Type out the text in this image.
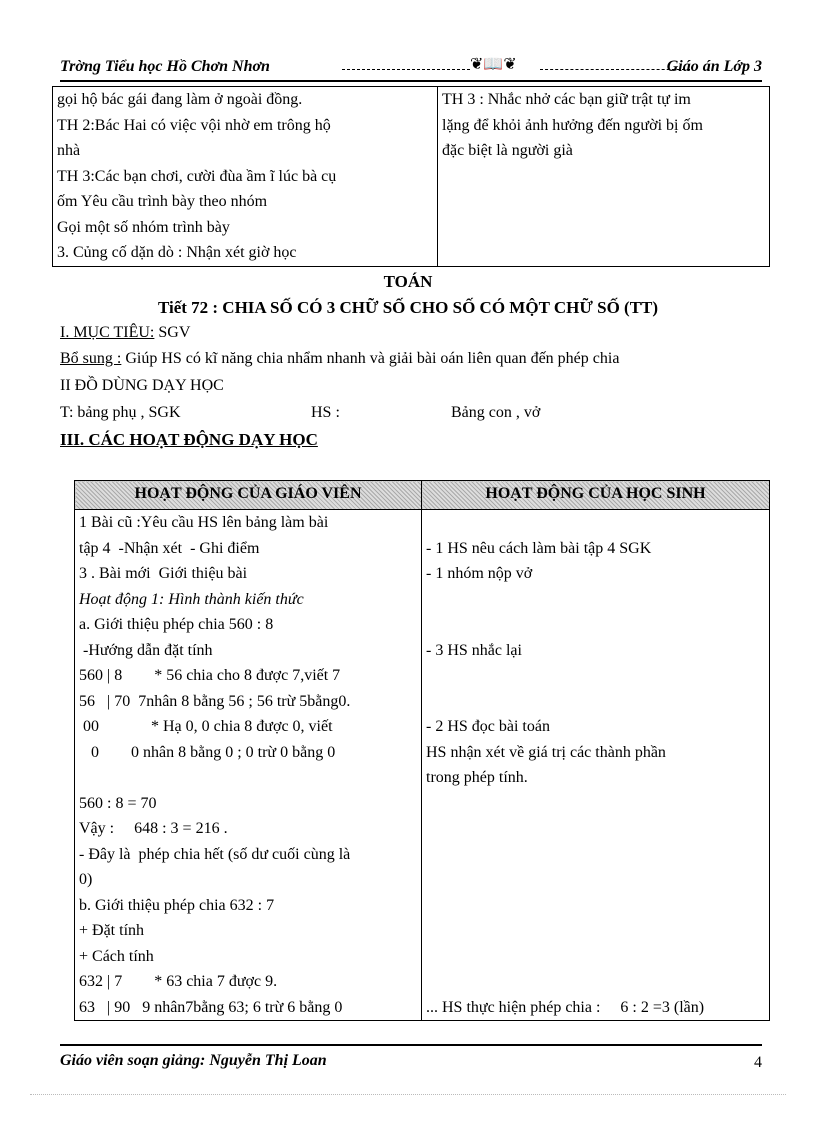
Trờng Tiểu học Hồ Chơn Nhơn	❦📖❦	Giáo án Lớp 3
gọi hộ bác gái đang làm ở ngoài đồng.
TH 2:Bác Hai có việc vội nhờ em trông hộ
nhà
TH 3:Các bạn chơi, cười đùa ầm ĩ lúc bà cụ
ốm Yêu cầu trình bày theo nhóm
Gọi một số nhóm trình bày
3. Củng cố dặn dò : Nhận xét giờ học

TH 3 : Nhắc nhở các bạn giữ trật tự im
lặng để khỏi ảnh hưởng đến người bị ốm
đặc biệt là người già
TOÁN
Tiết 72 : CHIA SỐ CÓ 3 CHỮ SỐ CHO SỐ CÓ MỘT CHỮ SỐ (TT)
I. MỤC TIÊU: SGV
Bổ sung : Giúp HS có kĩ năng chia nhẩm nhanh và giải bài oán liên quan đến phép chia
II ĐỒ DÙNG DẠY HỌC
T: bảng phụ , SGK	HS :	Bảng con , vở
III. CÁC HOẠT ĐỘNG DẠY HỌC
HOẠT ĐỘNG CỦA GIÁO VIÊN	HOẠT ĐỘNG CỦA HỌC SINH
1 Bài cũ :Yêu cầu HS lên bảng làm bài	
tập 4  -Nhận xét  - Ghi điểm	- 1 HS nêu cách làm bài tập 4 SGK
3 . Bài mới  Giới thiệu bài	- 1 nhóm nộp vở
Hoạt động 1: Hình thành kiến thức	
a. Giới thiệu phép chia 560 : 8	
-Hướng dẫn đặt tính	- 3 HS nhắc lại
560 | 8        * 56 chia cho 8 được 7,viết 7	
56   | 70  7nhân 8 bằng 56 ; 56 trừ 5bằng0.	
00             * Hạ 0, 0 chia 8 được 0, viết	- 2 HS đọc bài toán
0        0 nhân 8 bằng 0 ; 0 trừ 0 bằng 0	HS nhận xét về giá trị các thành phần
	trong phép tính.
560 : 8 = 70	
Vậy :     648 : 3 = 216 .	
- Đây là  phép chia hết (số dư cuối cùng là	
0)	
b. Giới thiệu phép chia 632 : 7	
+ Đặt tính	
+ Cách tính	
632 | 7        * 63 chia 7 được 9.	
63   | 90   9 nhân7bằng 63; 6 trừ 6 bằng 0	... HS thực hiện phép chia :     6 : 2 =3 (lần)
Giáo viên soạn giảng: Nguyễn Thị Loan	4
